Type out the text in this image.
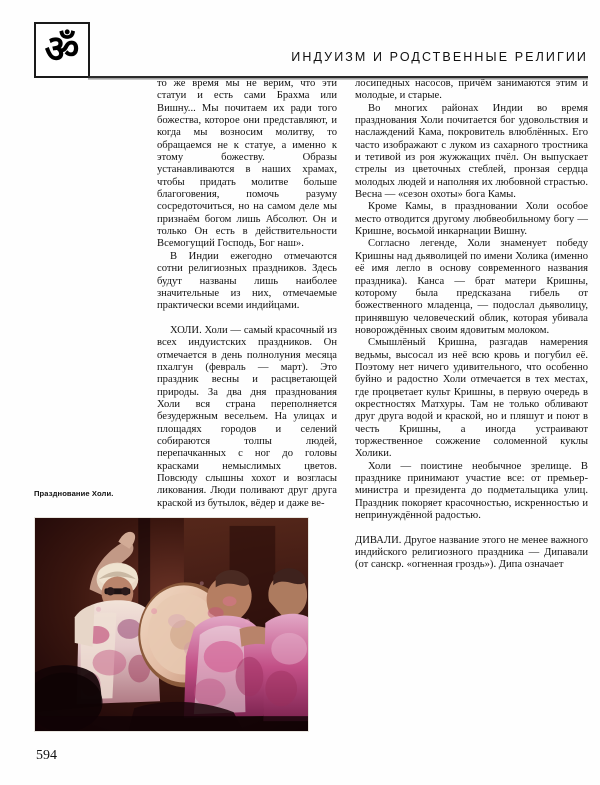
ॐ	ИНДУИЗМ И РОДСТВЕННЫЕ РЕЛИГИИ

то же время мы не верим, что эти статуи и есть сами Брахма или Вишну... Мы почитаем их ради того божества, которое они представляют, и когда мы возносим молитву, то обращаемся не к статуе, а именно к этому божеству. Образы устанавливаются в наших храмах, чтобы придать молитве больше благоговения, помочь разуму сосредоточиться, но на самом деле мы признаём богом лишь Абсолют. Он и только Он есть в действительности Всемогущий Господь, Бог наш».

В Индии ежегодно отмечаются сотни религиозных праздников. Здесь будут названы лишь наиболее значительные из них, отмечаемые практически всеми индийцами.

ХОЛИ. Холи — самый красочный из всех индуистских праздников. Он отмечается в день полнолуния месяца пхалгун (февраль — март). Это праздник весны и расцветающей природы. За два дня празднования Холи вся страна переполняется безудержным весельем. На улицах и площадях городов и селений собираются толпы людей, перепачканных с ног до головы красками немыслимых цветов. Повсюду слышны хохот и возгласы ликования. Люди поливают друг друга краской из бутылок, вёдер и даже ве-

лосипедных насосов, причём занимаются этим и молодые, и старые.

Во многих районах Индии во время празднования Холи почитается бог удовольствия и наслаждений Кама, покровитель влюблённых. Его часто изображают с луком из сахарного тростника и тетивой из роя жужжащих пчёл. Он выпускает стрелы из цветочных стеблей, пронзая сердца молодых людей и наполняя их любовной страстью. Весна — «сезон охоты» бога Камы.

Кроме Камы, в праздновании Холи особое место отводится другому любвеобильному богу — Кришне, восьмой инкарнации Вишну.

Согласно легенде, Холи знаменует победу Кришны над дьяволицей по имени Холика (именно её имя легло в основу современного названия праздника). Канса — брат матери Кришны, которому была предсказана гибель от божественного младенца, — подослал дьяволицу, принявшую человеческий облик, которая убивала новорождённых своим ядовитым молоком.

Смышлёный Кришна, разгадав намерения ведьмы, высосал из неё всю кровь и погубил её. Поэтому нет ничего удивительного, что особенно буйно и радостно Холи отмечается в тех местах, где процветает культ Кришны, в первую очередь в окрестностях Матхуры. Там не только обливают друг друга водой и краской, но и пляшут и поют в честь Кришны, а иногда устраивают торжественное сожжение соломенной куклы Холики.

Холи — поистине необычное зрелище. В празднике принимают участие все: от премьер-министра и президента до подметальщика улиц. Праздник покоряет красочностью, искренностью и непринуждённой радостью.

ДИВАЛИ. Другое название этого не менее важного индийского религиозного праздника — Дипавали (от санскр. «огненная гроздь»). Дипа означает

Празднование Холи.
594
